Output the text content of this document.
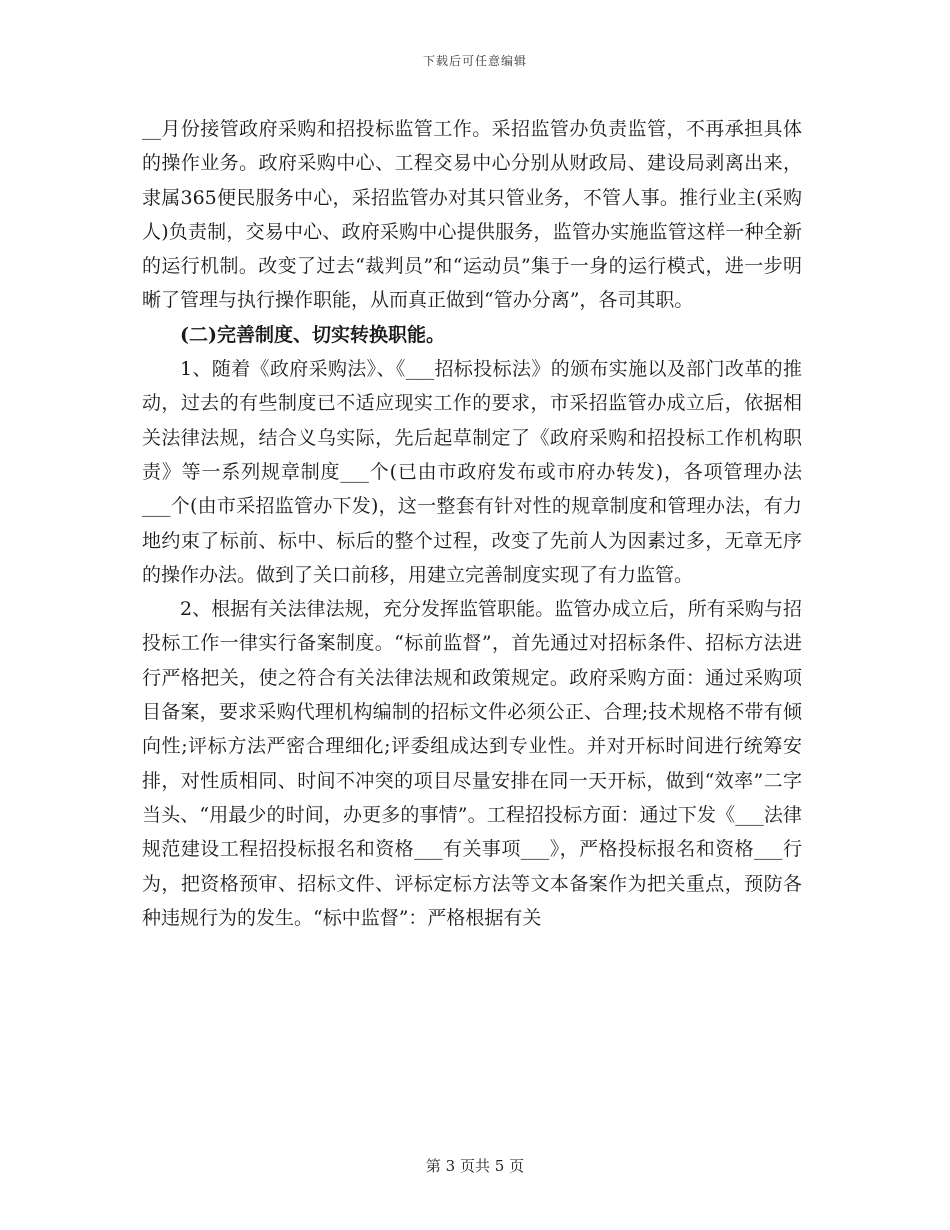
下载后可任意编辑

__月份接管政府采购和招投标监管工作。采招监管办负责监管，不再承担具体的操作业务。政府采购中心、工程交易中心分别从财政局、建设局剥离出来，隶属365便民服务中心，采招监管办对其只管业务，不管人事。推行业主(采购人)负责制，交易中心、政府采购中心提供服务，监管办实施监管这样一种全新的运行机制。改变了过去“裁判员”和“运动员”集于一身的运行模式，进一步明晰了管理与执行操作职能，从而真正做到“管办分离”，各司其职。

(二)完善制度、切实转换职能。

1、随着《政府采购法》、《___招标投标法》的颁布实施以及部门改革的推动，过去的有些制度已不适应现实工作的要求，市采招监管办成立后，依据相关法律法规，结合义乌实际，先后起草制定了《政府采购和招投标工作机构职责》等一系列规章制度___个(已由市政府发布或市府办转发)，各项管理办法___个(由市采招监管办下发)，这一整套有针对性的规章制度和管理办法，有力地约束了标前、标中、标后的整个过程，改变了先前人为因素过多，无章无序的操作办法。做到了关口前移，用建立完善制度实现了有力监管。

2、根据有关法律法规，充分发挥监管职能。监管办成立后，所有采购与招投标工作一律实行备案制度。“标前监督”，首先通过对招标条件、招标方法进行严格把关，使之符合有关法律法规和政策规定。政府采购方面：通过采购项目备案，要求采购代理机构编制的招标文件必须公正、合理;技术规格不带有倾向性;评标方法严密合理细化;评委组成达到专业性。并对开标时间进行统筹安排，对性质相同、时间不冲突的项目尽量安排在同一天开标，做到“效率”二字当头、“用最少的时间，办更多的事情”。工程招投标方面：通过下发《___法律规范建设工程招投标报名和资格___有关事项___》，严格投标报名和资格___行为，把资格预审、招标文件、评标定标方法等文本备案作为把关重点，预防各种违规行为的发生。“标中监督”：严格根据有关

第 3 页共 5 页
